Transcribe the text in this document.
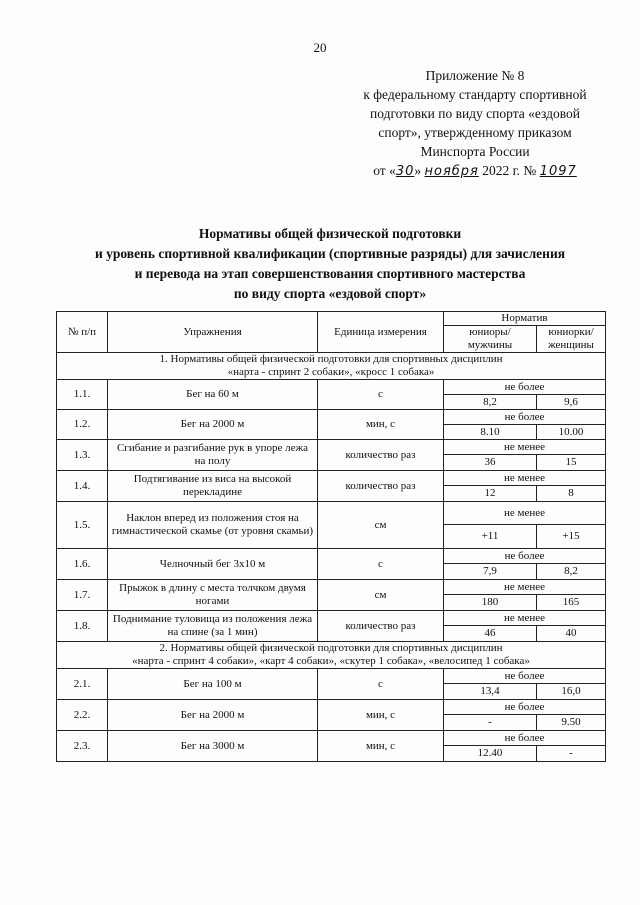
20
Приложение № 8
к федеральному стандарту спортивной
подготовки по виду спорта «ездовой
спорт», утвержденному приказом
Минспорта России
от «30» ноября 2022 г. № 1097
Нормативы общей физической подготовки
и уровень спортивной квалификации (спортивные разряды) для зачисления
и перевода на этап совершенствования спортивного мастерства
по виду спорта «ездовой спорт»
№ п/п	Упражнения	Единица измерения	Норматив	
			юниоры/ мужчины	юниорки/ женщины

1. Нормативы общей физической подготовки для спортивных дисциплин
«нарта - спринт 2 собаки», «кросс 1 собака»				

1.1.	Бег на 60 м	с	не более	
			8,2	9,6
1.2.	Бег на 2000 м	мин, с	не более	
			8.10	10.00
1.3.	Сгибание и разгибание рук в упоре лежа на полу	количество раз	не менее	
			36	15
1.4.	Подтягивание из виса на высокой перекладине	количество раз	не менее	
			12	8
1.5.	Наклон вперед из положения стоя на гимнастической скамье (от уровня скамьи)	см	не менее	
			+11	+15
1.6.	Челночный бег 3х10 м	с	не более	
			7,9	8,2
1.7.	Прыжок в длину с места толчком двумя ногами	см	не менее	
			180	165
1.8.	Поднимание туловища из положения лежа на спине (за 1 мин)	количество раз	не менее	
			46	40

2. Нормативы общей физической подготовки для спортивных дисциплин
«нарта - спринт 4 собаки», «карт 4 собаки», «скутер 1 собака», «велосипед 1 собака»				

2.1.	Бег на 100 м	с	не более	
			13,4	16,0
2.2.	Бег на 2000 м	мин, с	не более	
			-	9.50
2.3.	Бег на 3000 м	мин, с	не более	
			12.40	-
